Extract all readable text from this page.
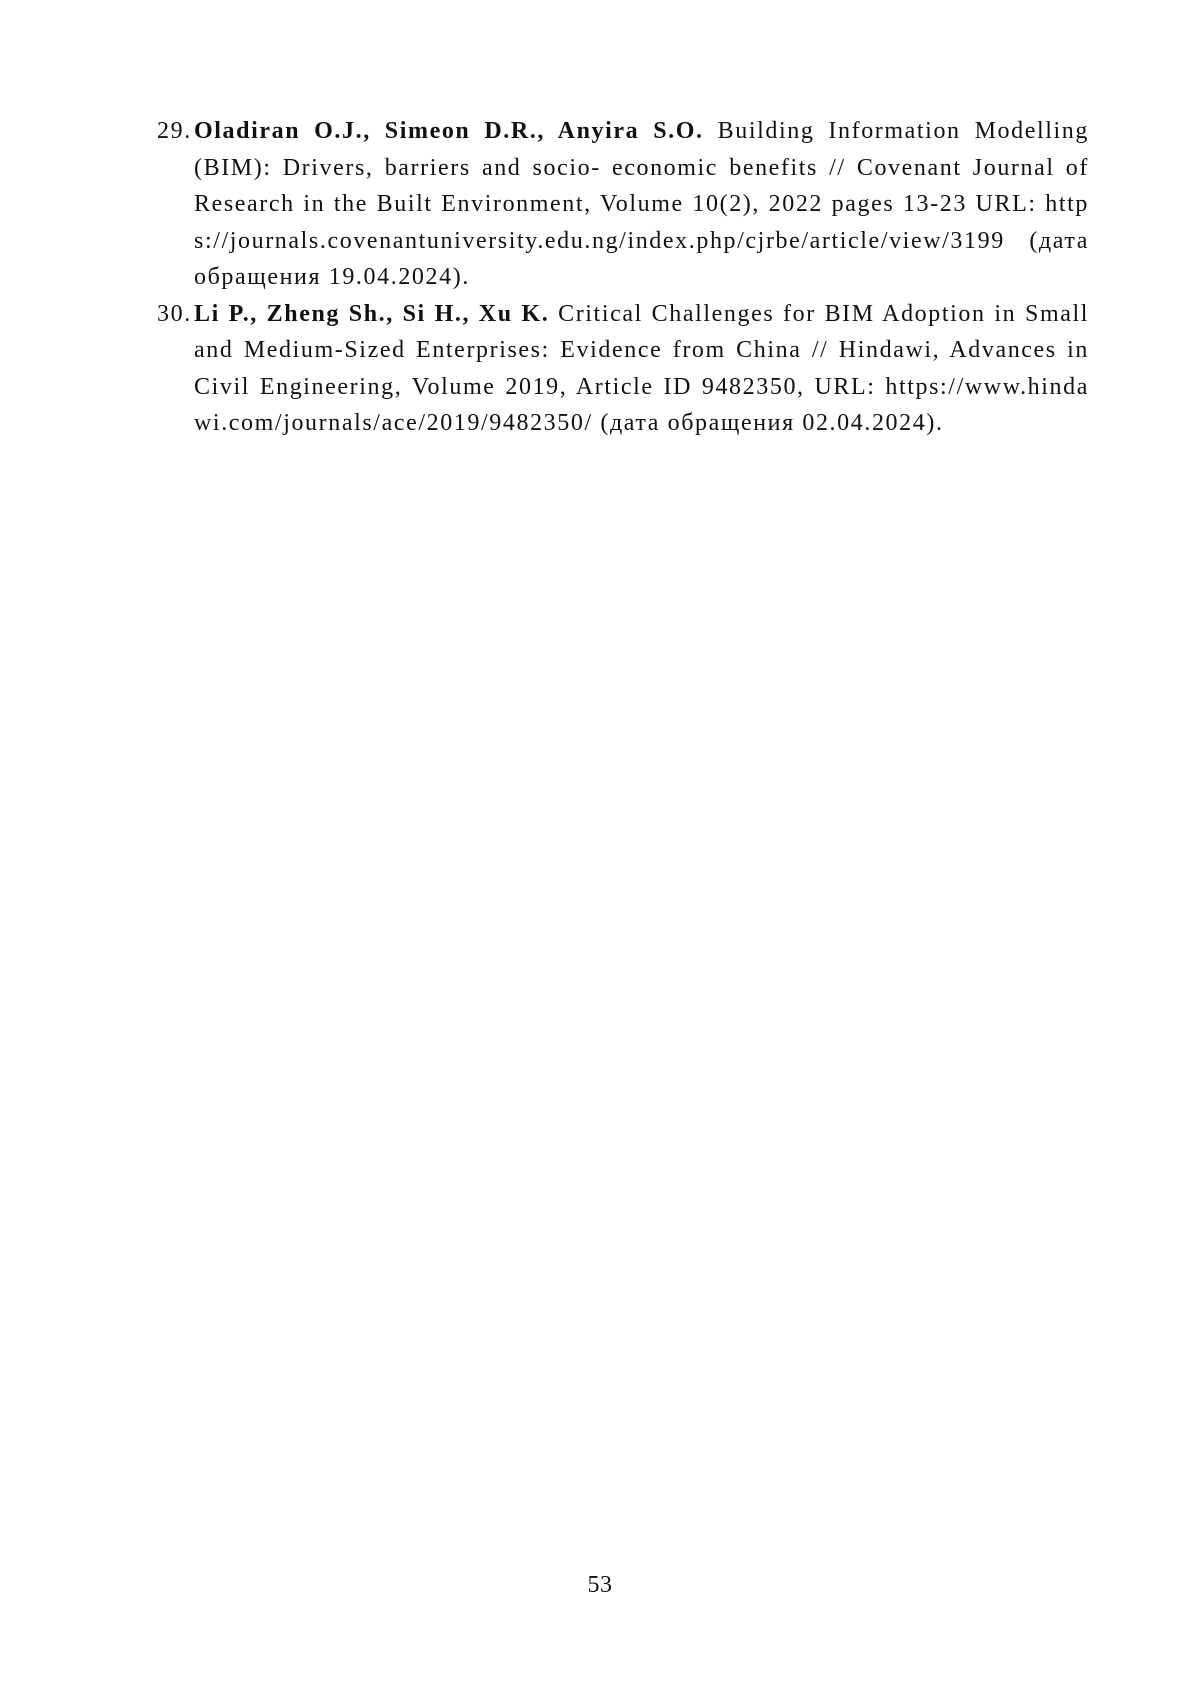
29. Oladiran O.J., Simeon D.R., Anyira S.O. Building Information Modelling (BIM): Drivers, barriers and socio- economic benefits // Covenant Journal of Research in the Built Environment, Volume 10(2), 2022 pages 13-23 URL: https://journals.covenantuniversity.edu.ng/index.php/cjrbe/article/view/3199 (дата обращения 19.04.2024).

30. Li P., Zheng Sh., Si H., Xu K. Critical Challenges for BIM Adoption in Small and Medium-Sized Enterprises: Evidence from China // Hindawi, Advances in Civil Engineering, Volume 2019, Article ID 9482350, URL: https://www.hindawi.com/journals/ace/2019/9482350/ (дата обращения 02.04.2024).

53
